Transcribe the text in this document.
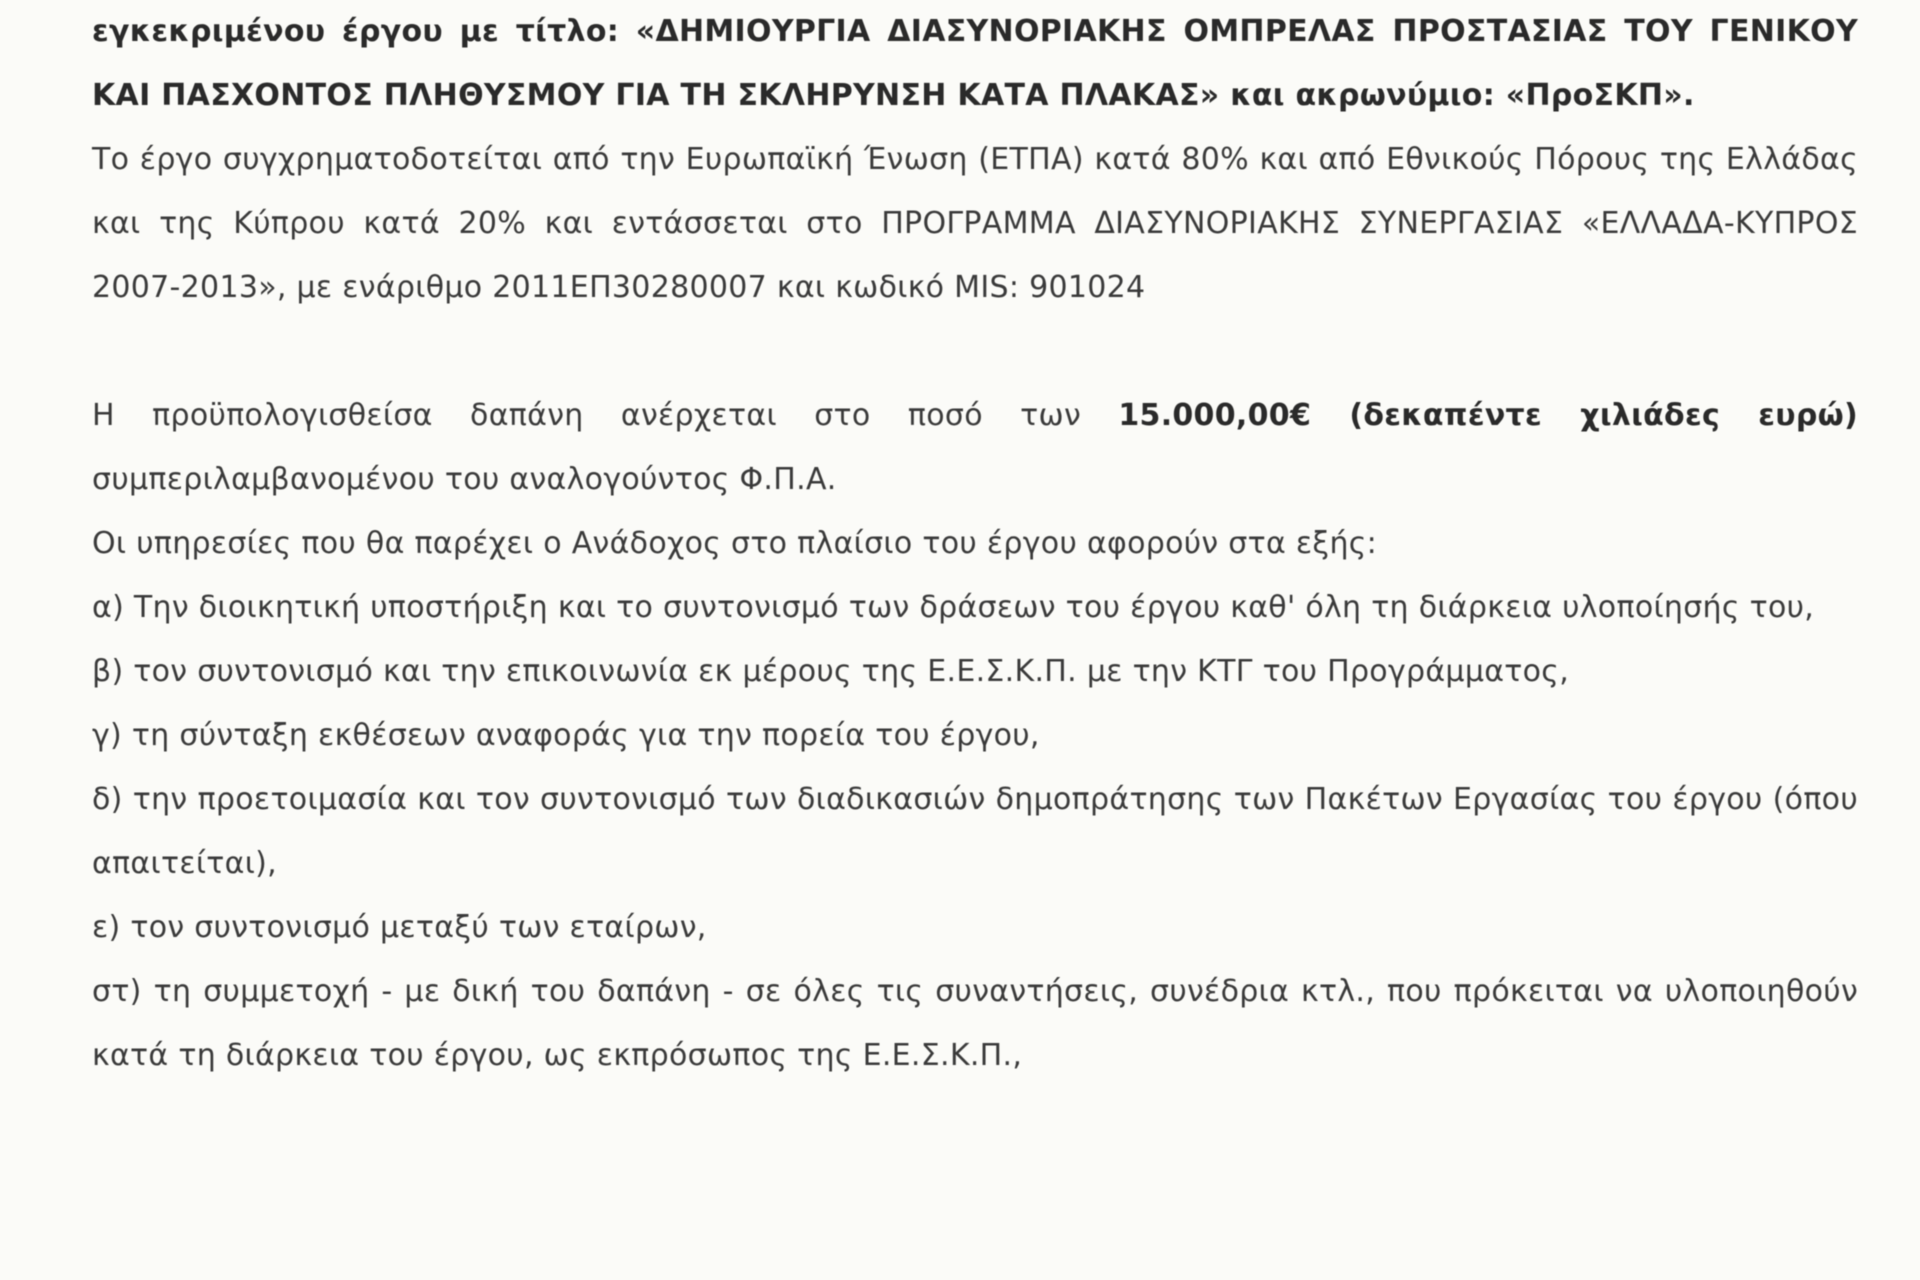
εγκεκριμένου έργου με τίτλο: «ΔΗΜΙΟΥΡΓΙΑ ΔΙΑΣΥΝΟΡΙΑΚΗΣ ΟΜΠΡΕΛΑΣ ΠΡΟΣΤΑΣΙΑΣ ΤΟΥ ΓΕΝΙΚΟΥ ΚΑΙ ΠΑΣΧΟΝΤΟΣ ΠΛΗΘΥΣΜΟΥ ΓΙΑ ΤΗ ΣΚΛΗΡΥΝΣΗ ΚΑΤΑ ΠΛΑΚΑΣ» και ακρωνύμιο: «ΠροΣΚΠ».

Το έργο συγχρηματοδοτείται από την Ευρωπαϊκή Ένωση (ΕΤΠΑ) κατά 80% και από Εθνικούς Πόρους της Ελλάδας και της Κύπρου κατά 20% και εντάσσεται στο ΠΡΟΓΡΑΜΜΑ ΔΙΑΣΥΝΟΡΙΑΚΗΣ ΣΥΝΕΡΓΑΣΙΑΣ «ΕΛΛΑΔΑ-ΚΥΠΡΟΣ 2007-2013», με ενάριθμο 2011ΕΠ30280007 και κωδικό ΜΙS: 901024

Η προϋπολογισθείσα δαπάνη ανέρχεται στο ποσό των 15.000,00€ (δεκαπέντε χιλιάδες ευρώ) συμπεριλαμβανομένου του αναλογούντος Φ.Π.Α.

Οι υπηρεσίες που θα παρέχει ο Ανάδοχος στο πλαίσιο του έργου αφορούν στα εξής:

α) Την διοικητική υποστήριξη και το συντονισμό των δράσεων του έργου καθ' όλη τη διάρκεια υλοποίησής του,

β) τον συντονισμό και την επικοινωνία εκ μέρους της Ε.Ε.Σ.Κ.Π. με την ΚΤΓ του Προγράμματος,

γ) τη σύνταξη εκθέσεων αναφοράς για την πορεία του έργου,

δ) την προετοιμασία και τον συντονισμό των διαδικασιών δημοπράτησης των Πακέτων Εργασίας του έργου (όπου απαιτείται),

ε) τον συντονισμό μεταξύ των εταίρων,

στ) τη συμμετοχή - με δική του δαπάνη - σε όλες τις συναντήσεις, συνέδρια κτλ., που πρόκειται να υλοποιηθούν κατά τη διάρκεια του έργου, ως εκπρόσωπος της Ε.Ε.Σ.Κ.Π.,
